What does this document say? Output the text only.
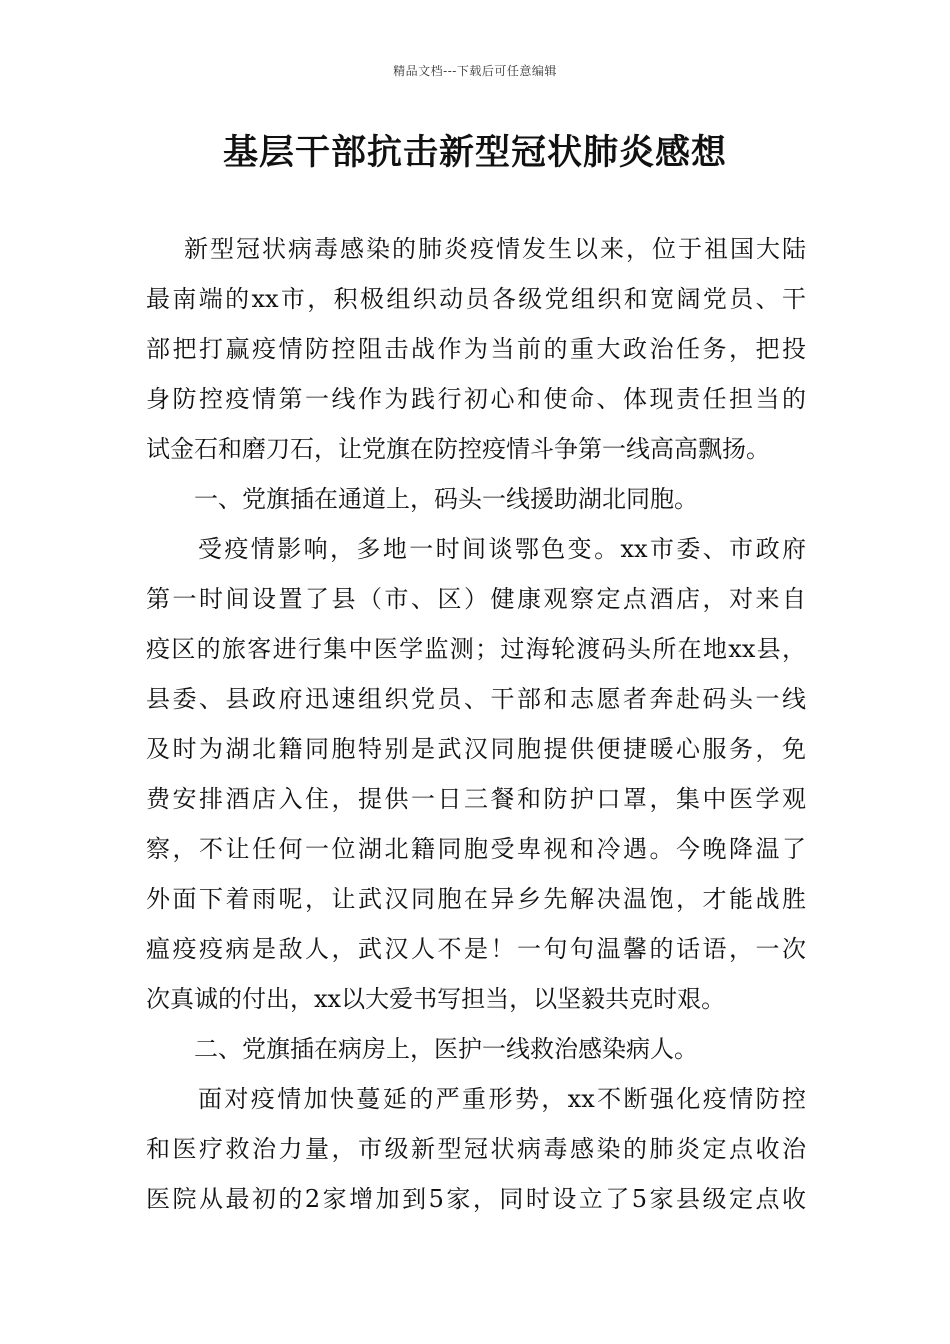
精品文档---下载后可任意编辑
基层干部抗击新型冠状肺炎感想
新型冠状病毒感染的肺炎疫情发生以来，位于祖国大陆
最南端的xx市，积极组织动员各级党组织和宽阔党员、干
部把打赢疫情防控阻击战作为当前的重大政治任务，把投
身防控疫情第一线作为践行初心和使命、体现责任担当的
试金石和磨刀石，让党旗在防控疫情斗争第一线高高飘扬。
一、党旗插在通道上，码头一线援助湖北同胞。
受疫情影响，多地一时间谈鄂色变。xx市委、市政府
第一时间设置了县（市、区）健康观察定点酒店，对来自
疫区的旅客进行集中医学监测；过海轮渡码头所在地xx县，
县委、县政府迅速组织党员、干部和志愿者奔赴码头一线
及时为湖北籍同胞特别是武汉同胞提供便捷暖心服务，免
费安排酒店入住，提供一日三餐和防护口罩，集中医学观
察，不让任何一位湖北籍同胞受卑视和冷遇。今晚降温了
外面下着雨呢，让武汉同胞在异乡先解决温饱，才能战胜
瘟疫疫病是敌人，武汉人不是！一句句温馨的话语，一次
次真诚的付出，xx以大爱书写担当，以坚毅共克时艰。
二、党旗插在病房上，医护一线救治感染病人。
面对疫情加快蔓延的严重形势，xx不断强化疫情防控
和医疗救治力量，市级新型冠状病毒感染的肺炎定点收治
医院从最初的2家增加到5家，同时设立了5家县级定点收
